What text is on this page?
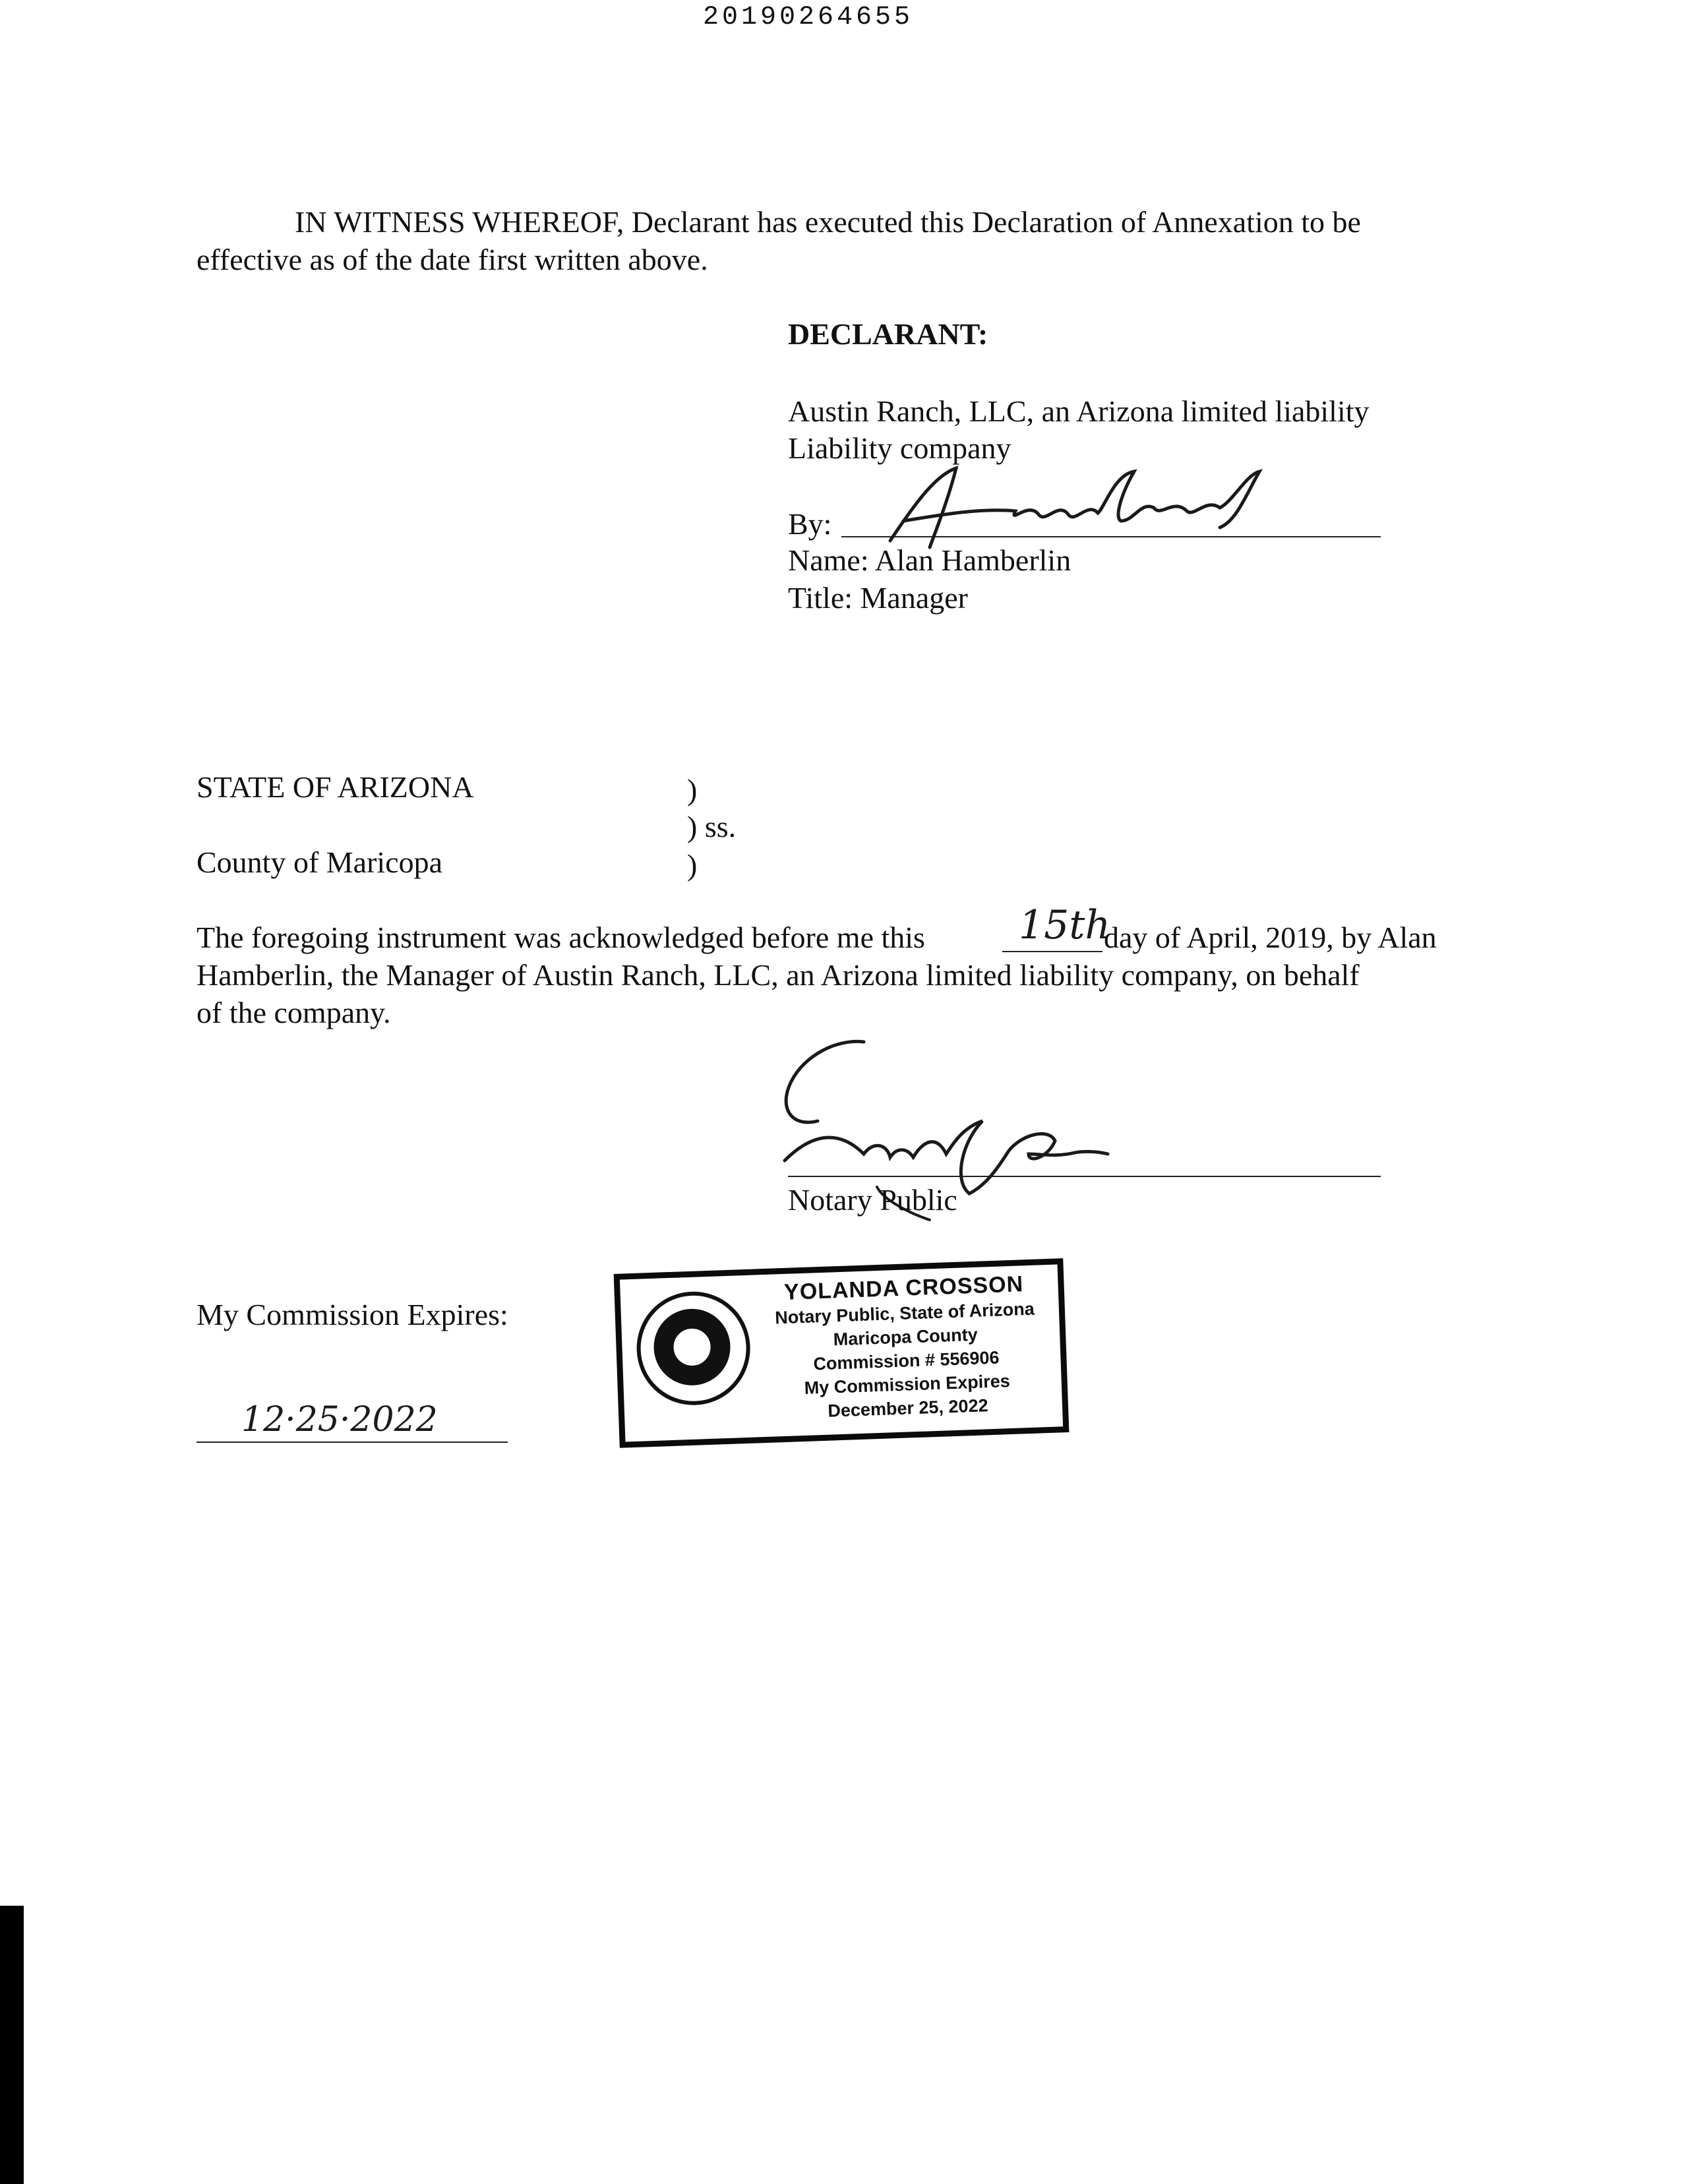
20190264655
IN WITNESS WHEREOF, Declarant has executed this Declaration of Annexation to be
effective as of the date first written above.
DECLARANT:
Austin Ranch, LLC, an Arizona limited liability
Liability company
By:
Name: Alan Hamberlin
Title: Manager
STATE OF ARIZONA	)
) ss.
County of Maricopa	)
The foregoing instrument was acknowledged before me this 15th
day of April, 2019, by Alan
Hamberlin, the Manager of Austin Ranch, LLC, an Arizona limited liability company, on behalf
of the company.
Notary Public
My Commission Expires:
12·25·2022
YOLANDA CROSSON
Notary Public, State of Arizona
Maricopa County
Commission # 556906
My Commission Expires
December 25, 2022
